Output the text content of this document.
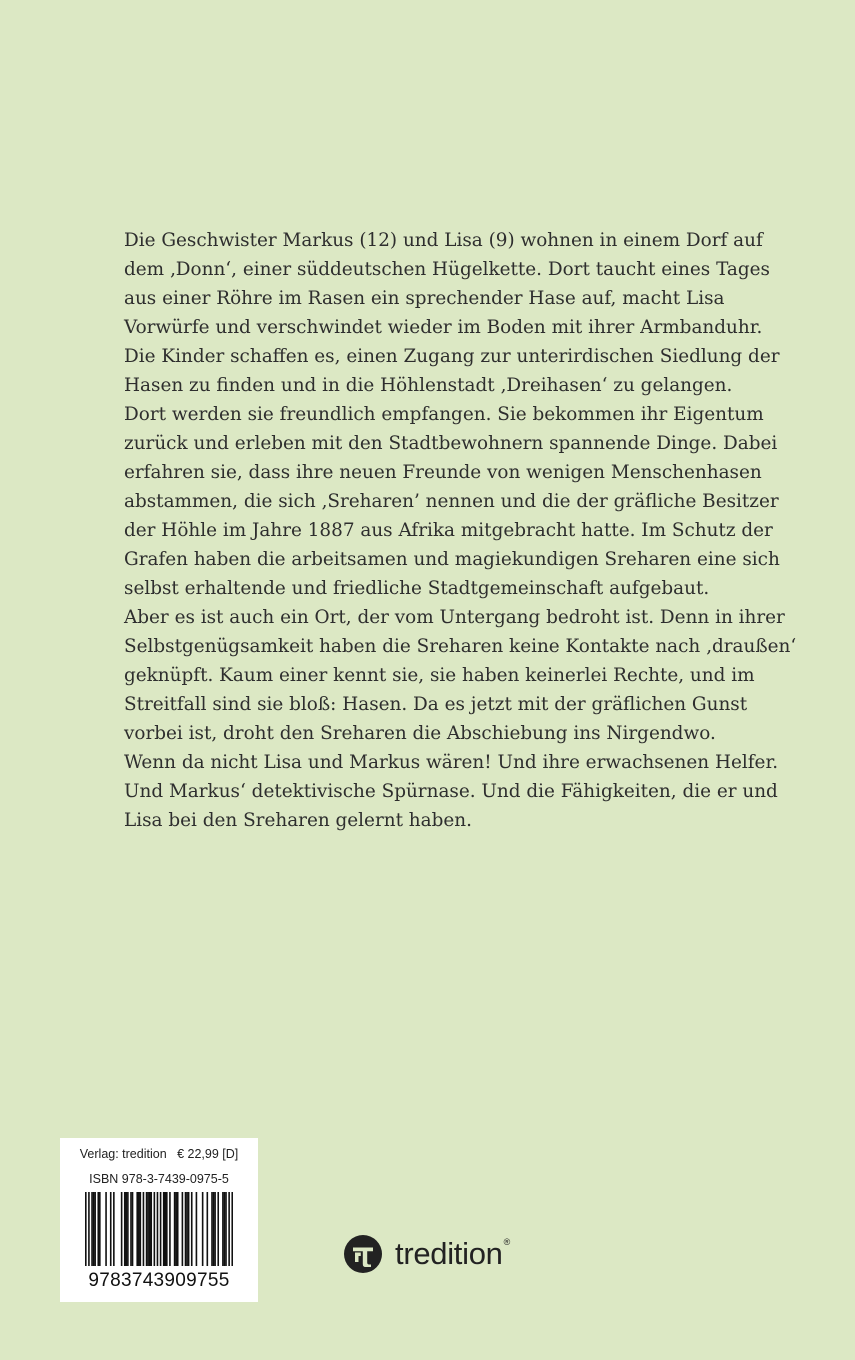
Die Geschwister Markus (12) und Lisa (9) wohnen in einem Dorf auf
dem ‚Donn‘, einer süddeutschen Hügelkette. Dort taucht eines Tages
aus einer Röhre im Rasen ein sprechender Hase auf, macht Lisa
Vorwürfe und verschwindet wieder im Boden mit ihrer Armbanduhr.
Die Kinder schaffen es, einen Zugang zur unterirdischen Siedlung der
Hasen zu finden und in die Höhlenstadt ‚Dreihasen‘ zu gelangen.
Dort werden sie freundlich empfangen. Sie bekommen ihr Eigentum
zurück und erleben mit den Stadtbewohnern spannende Dinge. Dabei
erfahren sie, dass ihre neuen Freunde von wenigen Menschenhasen
abstammen, die sich ‚Sreharen’ nennen und die der gräfliche Besitzer
der Höhle im Jahre 1887 aus Afrika mitgebracht hatte. Im Schutz der
Grafen haben die arbeitsamen und magiekundigen Sreharen eine sich
selbst erhaltende und friedliche Stadtgemeinschaft aufgebaut.
Aber es ist auch ein Ort, der vom Untergang bedroht ist. Denn in ihrer
Selbstgenügsamkeit haben die Sreharen keine Kontakte nach ‚draußen‘
geknüpft. Kaum einer kennt sie, sie haben keinerlei Rechte, und im
Streitfall sind sie bloß: Hasen. Da es jetzt mit der gräflichen Gunst
vorbei ist, droht den Sreharen die Abschiebung ins Nirgendwo.
Wenn da nicht Lisa und Markus wären! Und ihre erwachsenen Helfer.
Und Markus‘ detektivische Spürnase. Und die Fähigkeiten, die er und
Lisa bei den Sreharen gelernt haben.
Verlag: tredition € 22,99 [D]
ISBN 978-3-7439-0975-5
9783743909755
tredition ®
